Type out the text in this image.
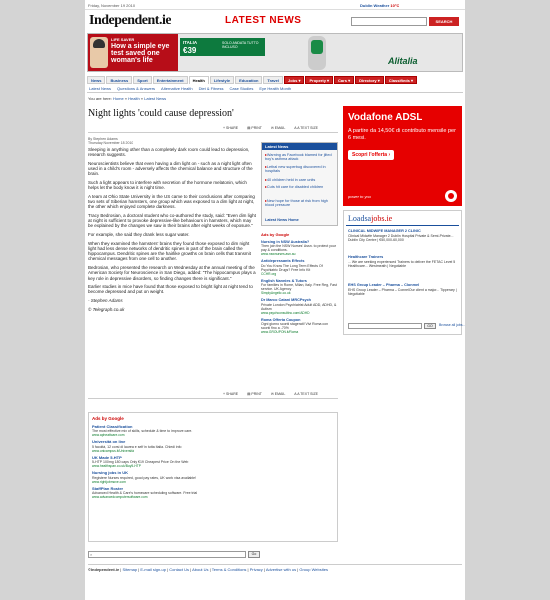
Friday, November 19 2010	Dublin Weather 10°C
Independent.ie	LATEST NEWS	SEARCH
LIFE SAVER
How a simple eye test saved one woman's life
ITALIA
€39
SOLO ANDATA TUTTO INCLUSO
Alitalia
News	Business	Sport	Entertainment	Health	Lifestyle	Education	Travel	Jobs ▾	Property ▾	Cars ▾	Directory ▾	Classifieds ▾
Latest News Questions & Answers Alternative Health Diet & Fitness Case Studies Eye Health Month
You are here: Home » Health » Latest News
Night lights 'could cause depression'
+ SHARE	▤ PRINT	✉ EMAIL	A A TEXT SIZE
By Stephen Adams
Thursday November 18 2010

Sleeping in anything other than a completely dark room could lead to depression, research suggests.

Neuroscientists believe that even having a dim light on - such as a night light often used in a child's room - adversely affects the chemical balance and structure of the brain.

Such a light appears to interfere with secretion of the hormone melatonin, which helps let the body know it is night time.

A team at Ohio State University in the US came to their conclusions after comparing two sets of Siberian hamsters, one group which was exposed to a dim light at night, the other which enjoyed complete darkness.

Tracy Bedrosian, a doctoral student who co-authored the study, said: "Even dim light at night is sufficient to provoke depressive-like behaviours in hamsters, which may be explained by the changes we saw in their brains after eight weeks of exposure."

For example, she said they drank less sugar water.

When they examined the hamsters' brains they found those exposed to dim night light had less dense networks of dendritic spines in part of the brain called the hippocampus. Dendritic spines are the hairlike growths on brain cells that transmit chemical messages from one cell to another.

Bedrosian, who presented the research on Wednesday at the annual meeting of the American Society for Neuroscience in San Diego, added: "The hippocampus plays a key role in depressive disorders, so finding changes there is significant."

Earlier studies in mice have found that those exposed to bright light at night tend to become depressed and put on weight.

- Stephen Adams

© Telegraph.co.uk

Latest News
▸ Warning as Facebook blamed for jilted boy's asthma attack
▸ Lethal new superbug discovered in hospitals
▸ 40 children held in care units
▸ Cuts hit care for disabled children
▸ New hope for those at risk from high blood pressure
Latest News Home
Ads by Google
Nursing in NSW Australia?
Then join the NSW Nurses' Assn. to protect your pay & conditions.
www.nswnurses.asn.au
Antidepressants Effects
Do You Know The Long Term Effects Of Psychiatric Drugs? Free Info Kit
CCHR.org
English Nannies & Tutors
For families in Rome, Milan, Italy. Free Reg, Fast service. UK Agency
SimplyAngelic.co.uk
Dr Marco Catani MRCPsych
Private London Psychiatrist Adult ADD, ADHD, & Autism
www.psychconsultinc.com/ADHD
Roma Offerta Coupon
Ogni giorno sconti stagerati! Vivi Roma con sconti fino a -70%
www.GROUPON.it/Roma
+ SHARE	▤ PRINT	✉ EMAIL	A A TEXT SIZE
Ads by Google
Patient Classification
The most effective mix of skills, schedule & time to improve care.
www.apheattcare.com
Università on line
5 facoltà, 12 corsi di laurea e self in tutta Italia. Chiedi info
www.unicampus.it/Università
UK Made 5-HTP
5-HTP 100mg 180 caps Only €19 Cheapest Price On the Web
www.healthspan.co.uk/Buy5-HTP
Nursing jobs in UK
Registere Nurses required, good pay rates, UK work visa available!
www.rightjobmove.com
StaffPlan Roster
Advanced Health & Care's homecare scheduling software. Free trial
www.advancedcomputersoftware.com
⌕	Go
©Independent.ie | Sitemap | E-mail sign-up | Contact Us | About Us | Terms & Conditions | Privacy | Advertise with us | Group Websites
Vodafone ADSL
A partire da 14,50€ di contributo mensile per 6 mesi.
Scopri l'offerta ›
power to you
Loadsajobs.ie
CLINICAL MIDWIFE MANAGER 2 CLINIC
Clinical Midwife Manager 2 Dublin Hospital Private & Semi-Private... Dublin City Centre | €50,000-60,000
Healthcare Trainers
... We are seeking experienced Trainers to deliver the FETAC Level 5 Healthcare... Westmeath | Negotiable
EHS Group Leader – Pharma – Clonmel
EHS Group Leader – Pharma – ConnelOur client a major... Tipperary | Negotiable
GO	Browse all jobs...
